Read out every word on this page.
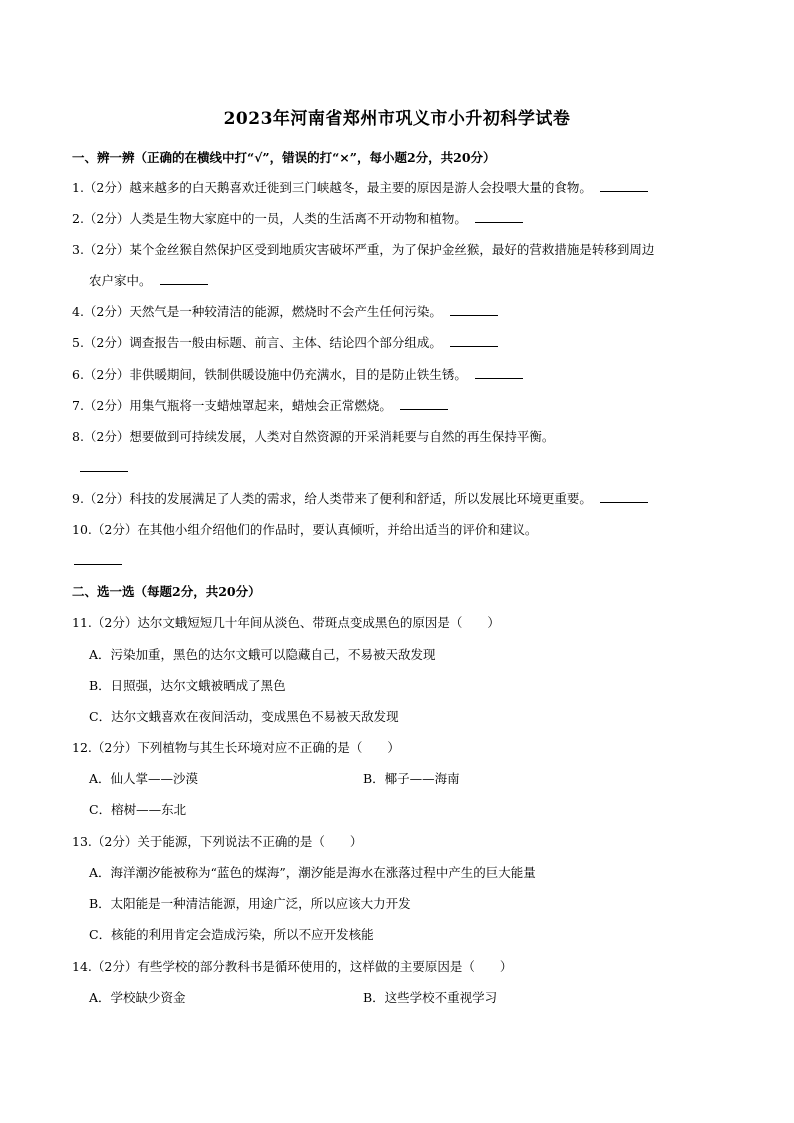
2023年河南省郑州市巩义市小升初科学试卷
一、辨一辨（正确的在横线中打“√”，错误的打“×”，每小题2分，共20分）
1.（2分）越来越多的白天鹅喜欢迁徙到三门峡越冬，最主要的原因是游人会投喂大量的食物。
2.（2分）人类是生物大家庭中的一员，人类的生活离不开动物和植物。
3.（2分）某个金丝猴自然保护区受到地质灾害破坏严重，为了保护金丝猴，最好的营救措施是转移到周边
农户家中。
4.（2分）天然气是一种较清洁的能源，燃烧时不会产生任何污染。
5.（2分）调查报告一般由标题、前言、主体、结论四个部分组成。
6.（2分）非供暖期间，铁制供暖设施中仍充满水，目的是防止铁生锈。
7.（2分）用集气瓶将一支蜡烛罩起来，蜡烛会正常燃烧。
8.（2分）想要做到可持续发展，人类对自然资源的开采消耗要与自然的再生保持平衡。
9.（2分）科技的发展满足了人类的需求，给人类带来了便利和舒适，所以发展比环境更重要。
10.（2分）在其他小组介绍他们的作品时，要认真倾听，并给出适当的评价和建议。
二、选一选（每题2分，共20分）
11.（2分）达尔文蛾短短几十年间从淡色、带斑点变成黑色的原因是（　　）
A．污染加重，黑色的达尔文蛾可以隐藏自己，不易被天敌发现
B．日照强，达尔文蛾被晒成了黑色
C．达尔文蛾喜欢在夜间活动，变成黑色不易被天敌发现
12.（2分）下列植物与其生长环境对应不正确的是（　　）
A．仙人掌——沙漠	B．椰子——海南
C．榕树——东北
13.（2分）关于能源，下列说法不正确的是（　　）
A．海洋潮汐能被称为“蓝色的煤海”，潮汐能是海水在涨落过程中产生的巨大能量
B．太阳能是一种清洁能源，用途广泛，所以应该大力开发
C．核能的利用肯定会造成污染，所以不应开发核能
14.（2分）有些学校的部分教科书是循环使用的，这样做的主要原因是（　　）
A．学校缺少资金	B．这些学校不重视学习
